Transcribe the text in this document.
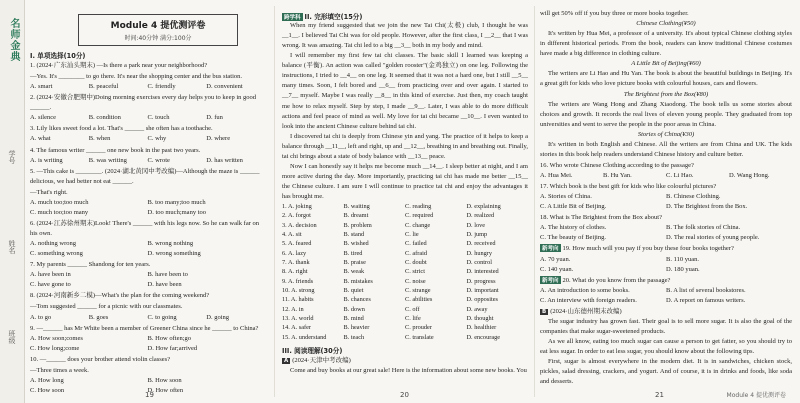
名师金典
学号
姓名
班级
Module 4 提优测评卷
时间:40分钟 满分:100分
I. 单项选择(10分)
1. (2024·广东汕头期末) —Is there a park near your neighborhood?
—Yes. It's ________ to go there. It's near the shopping center and the bus station.
A. smart	B. peaceful	C. friendly	D. convenient
2. (2024·安徽合肥期中)Doing morning exercises every day helps you to keep in good ______.
A. silence	B. condition	C. touch	D. fun
3. Lily likes sweet food a lot. That's ______ she often has a toothache.
A. what	B. when	C. why	D. where
4. The famous writer ______ one new book in the past two years.
A. is writing	B. was writing	C. wrote	D. has written
5. —This cake is ________. (2024·湖北黄冈中考改编)—Although the maze is ______ delicious, we had better not eat ______.
—That's right.
A. much too;too much	B. too many;too much
C. much too;too many	D. too much;many too
6. (2024·江苏徐州期末)Look! There's ______ with his legs now. So he can walk far on his own.
A. nothing wrong	B. wrong nothing
C. something wrong	D. wrong something
7. My parents ______ Shandong for ten years.
A. have been in	B. have been to
C. have gone to	D. have been
8. (2024·河南新乡二模)—What's the plan for the coming weekend?
—Tom suggested ______ for a picnic with our classmates.
A. to go	B. goes	C. to going	D. going
9. —______ has Mr White been a member of Greener China since he ______ to China?
A. How soon;comes	B. How often;go
C. How long;come	D. How far;arrived
10. —______ does your brother attend violin classes?
—Three times a week.
A. How long	B. How soon
C. How soon	D. How often
19
跨学科 II. 完形填空(15分)
When my friend suggested that we join the new Tai Chi(太极) club, I thought he was __1__. I believed Tai Chi was for old people. However, after the first class, I __2__ that I was wrong. It was amazing. Tai chi led to a big __3__ both in my body and mind.
I will remember my first few tai chi classes. The basic skill I learned was keeping a balance (平衡). An action was called "golden rooster"(金鸡独立) on one leg. Following the instructions, I tried to __4__ on one leg. It seemed that it was not a hard one, but I still __5__ many times. Soon, I felt bored and __6__ from practicing over and over again. I started to __7__ myself. Maybe I was really __8__ in this kind of exercise. Just then, my coach taught me how to relax myself. Step by step, I made __9__. Later, I was able to do more difficult actions and feel peace of mind as well. My love for tai chi became __10__. I even wanted to look into the ancient Chinese culture behind tai chi.
I discovered tai chi is deeply from Chinese yin and yang. The practice of it helps to keep a balance through __11__, left and right, up and __12__, breathing in and breathing out. Finally, tai chi brings about a state of body balance with __13__ peace.
Now I can honestly say it helps me become much __14__. I sleep better at night, and I am more active during the day. More importantly, practicing tai chi has made me better __15__ the Chinese culture. I am sure I will continue to practice tai chi and enjoy the advantages it has brought me.
1. A. joking	B. waiting	C. reading	D. explaining
2. A. forgot	B. dreamt	C. required	D. realized
3. A. decision	B. problem	C. change	D. love
4. A. sit	B. stand	C. lie	D. jump
5. A. feared	B. wished	C. failed	D. received
6. A. lazy	B. tired	C. afraid	D. hungry
7. A. thank	B. praise	C. doubt	D. control
8. A. right	B. weak	C. strict	D. interested
9. A. friends	B. mistakes	C. noise	D. progress
10. A. strong	B. quiet	C. strange	D. important
11. A. habits	B. chances	C. abilities	D. opposites
12. A. in	B. down	C. off	D. away
13. A. world	B. mind	C. life	D. thought
14. A. safer	B. heavier	C. prouder	D. healthier
15. A. understand	B. teach	C. translate	D. encourage
III. 阅读理解(30分)
A (2024·天津中考改编)
Come and buy books at our great sale! Here is the information about some new books. You
20
will get 50% off if you buy three or more books together.
Chinese Clothing(¥50)
It's written by Hua Mei, a professor of a university. It's about typical Chinese clothing styles in different historical periods. From the book, readers can know traditional Chinese costumes have made a big difference in clothing culture.
A Little Bit of Beijing(¥60)
The writers are Li Hao and Hu Yan. The book is about the beautiful buildings in Beijing. It's a great gift for kids who love picture books with colourful houses, cars and flowers.
The Brightest from the Box(¥80)
The writers are Wang Hong and Zhang Xiaodong. The book tells us some stories about choices and growth. It records the real lives of eleven young people. They graduated from top universities and went to serve the people in the poor areas in China.
Stories of China(¥30)
It's written in both English and Chinese. All the writers are from China and UK. The kids stories in this book help readers understand Chinese history and culture better.
16. Who wrote Chinese Clothing according to the passage?
A. Hua Mei.	B. Hu Yan.	C. Li Hao.	D. Wang Hong.
17. Which book is the best gift for kids who like colourful pictures?
A. Stories of China.	B. Chinese Clothing.
C. A Little Bit of Beijing.	D. The Brightest from the Box.
18. What is The Brightest from the Box about?
A. The history of clothes.	B. The folk stories of China.
C. The beauty of Beijing.	D. The real stories of young people.
新考向 19. How much will you pay if you buy these four books together?
A. 70 yuan.	B. 110 yuan.
C. 140 yuan.	D. 180 yuan.
新考向 20. What do you know from the passage?
A. An introduction to some books.	B. A list of several bookstores.
C. An interview with foreign readers.	D. A report on famous writers.
B (2024·山东德州期末改编)
The sugar industry has grown fast. Their goal is to sell more sugar. It is also the goal of the companies that make sugar-sweetened products.
As we all know, eating too much sugar can cause a person to get fatter, so you should try to eat less sugar. In order to eat less sugar, you should know about the following tips.
First, sugar is almost everywhere in the modern diet. It is in sandwiches, chicken stock, pickles, salad dressing, crackers, and yogurt. And of course, it is in drinks and foods, like soda and desserts.
21	Module 4 提优测评卷
